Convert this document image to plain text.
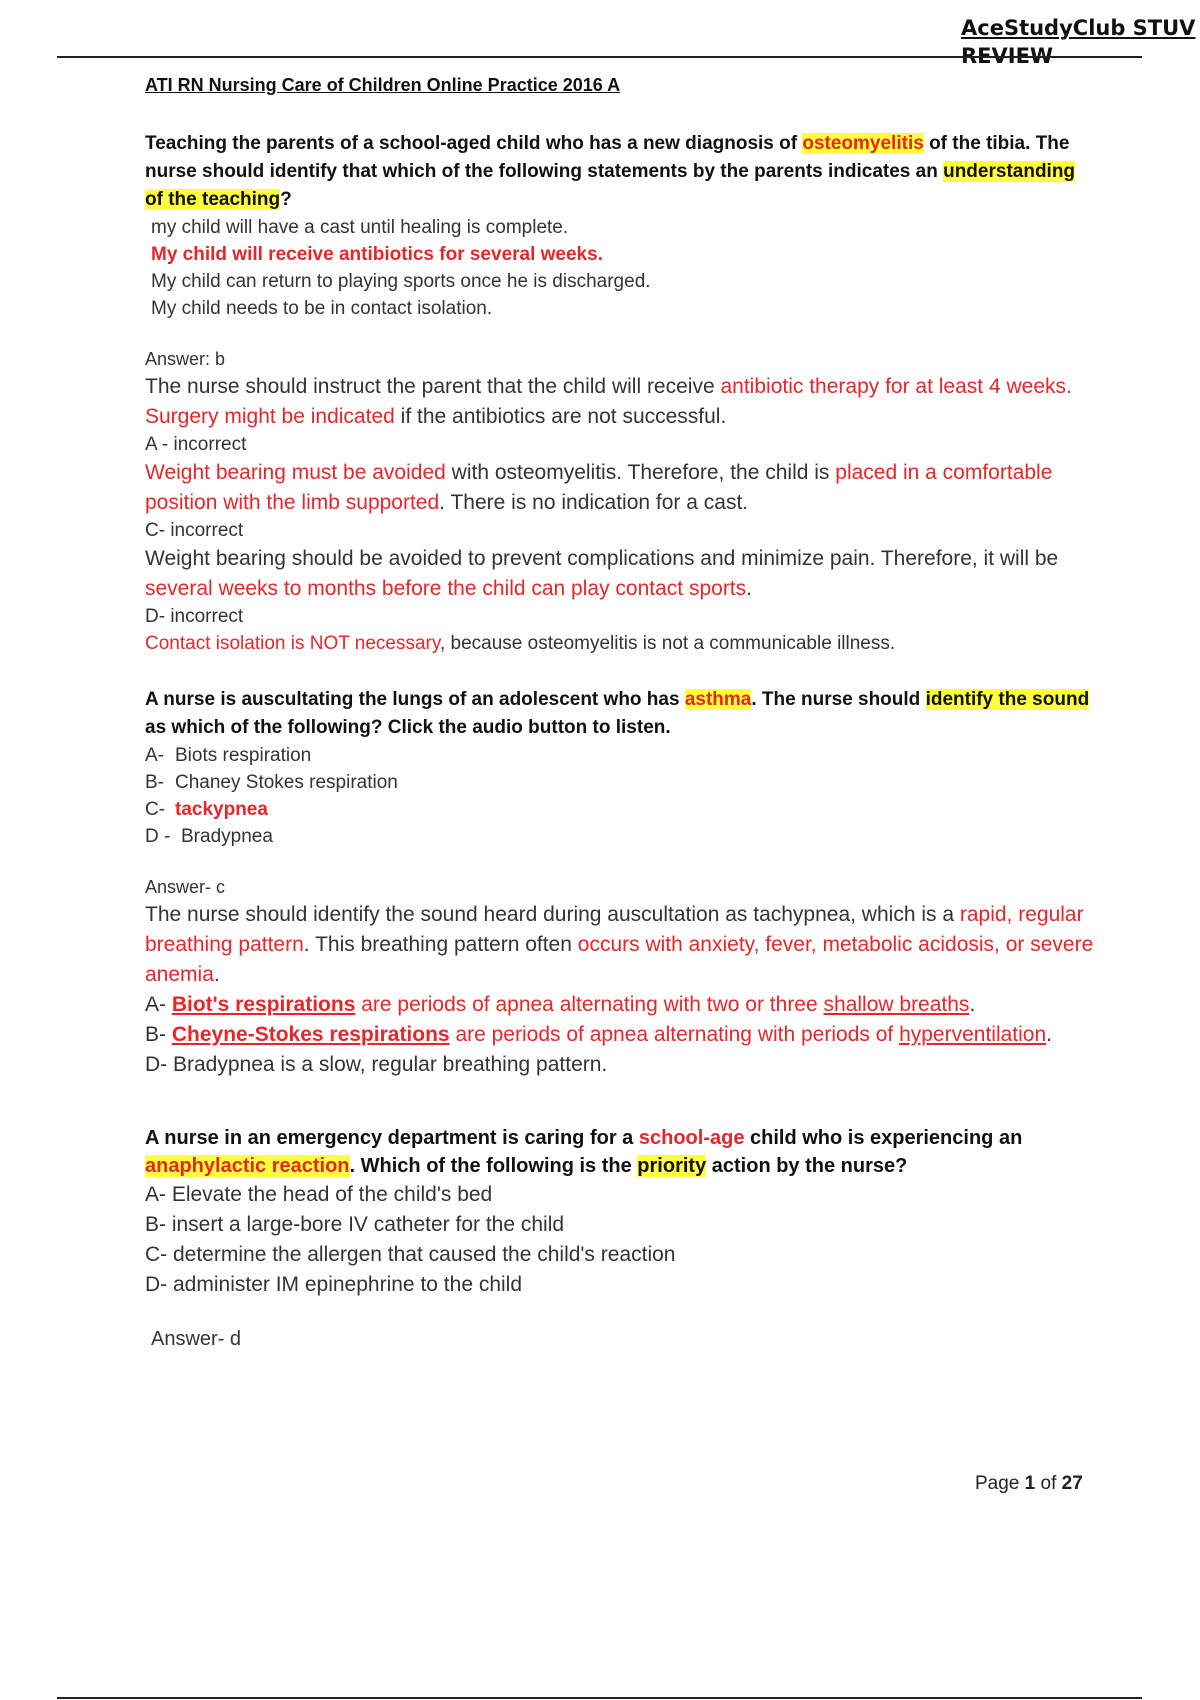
AceStudyClub STUV
REVIEW
ATI RN Nursing Care of Children Online Practice 2016 A
Teaching the parents of a school-aged child who has a new diagnosis of osteomyelitis of the tibia. The nurse should identify that which of the following statements by the parents indicates an understanding of the teaching?
my child will have a cast until healing is complete.
My child will receive antibiotics for several weeks.
My child can return to playing sports once he is discharged.
My child needs to be in contact isolation.
Answer: b
The nurse should instruct the parent that the child will receive antibiotic therapy for at least 4 weeks. Surgery might be indicated if the antibiotics are not successful.
A - incorrect
Weight bearing must be avoided with osteomyelitis. Therefore, the child is placed in a comfortable position with the limb supported. There is no indication for a cast.
C- incorrect
Weight bearing should be avoided to prevent complications and minimize pain. Therefore, it will be several weeks to months before the child can play contact sports.
D- incorrect
Contact isolation is NOT necessary, because osteomyelitis is not a communicable illness.
A nurse is auscultating the lungs of an adolescent who has asthma. The nurse should identify the sound as which of the following? Click the audio button to listen.
A- Biots respiration
B- Chaney Stokes respiration
C- tackypnea
D - Bradypnea
Answer- c
The nurse should identify the sound heard during auscultation as tachypnea, which is a rapid, regular breathing pattern. This breathing pattern often occurs with anxiety, fever, metabolic acidosis, or severe anemia.
A- Biot's respirations are periods of apnea alternating with two or three shallow breaths.
B- Cheyne-Stokes respirations are periods of apnea alternating with periods of hyperventilation.
D- Bradypnea is a slow, regular breathing pattern.
A nurse in an emergency department is caring for a school-age child who is experiencing an anaphylactic reaction. Which of the following is the priority action by the nurse?
A- Elevate the head of the child's bed
B- insert a large-bore IV catheter for the child
C- determine the allergen that caused the child's reaction
D- administer IM epinephrine to the child
Answer- d
Page 1 of 27
